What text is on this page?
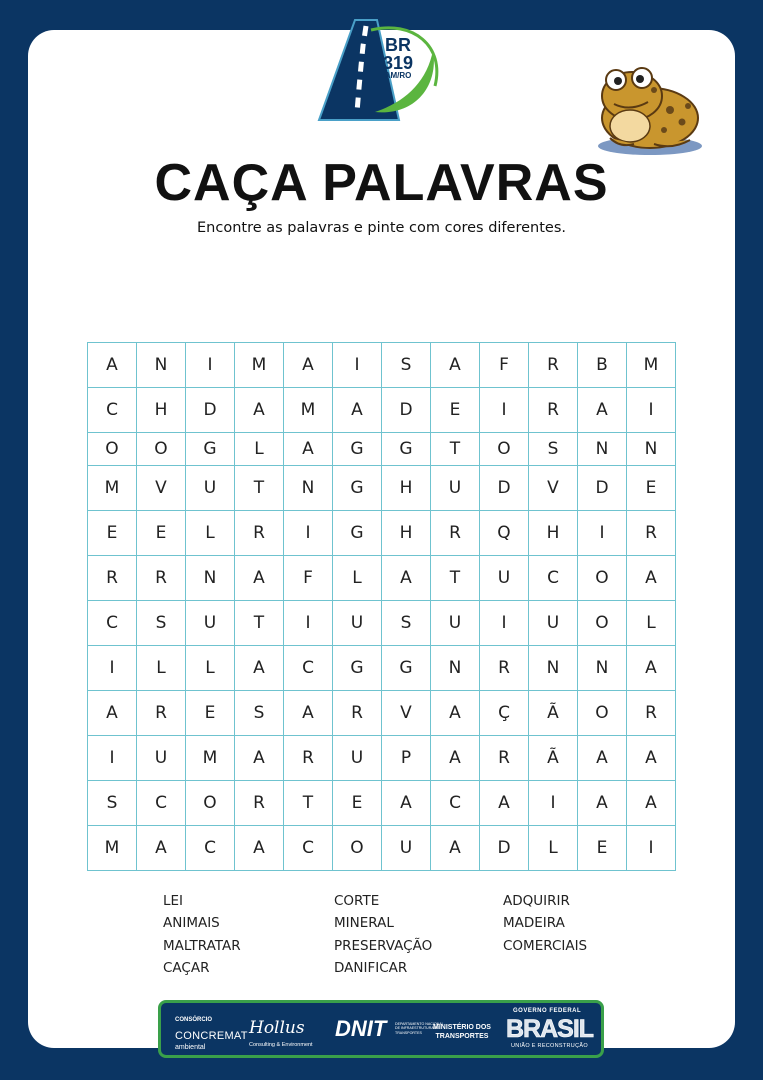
BR
319
AM/RO
CAÇA PALAVRAS
Encontre as palavras e pinte com cores diferentes.
A	N	I	M	A	I	S	A	F	R	B	M
C	H	D	A	M	A	D	E	I	R	A	I
O	O	G	L	A	G	G	T	O	S	N	N
M	V	U	T	N	G	H	U	D	V	D	E
E	E	L	R	I	G	H	R	Q	H	I	R
R	R	N	A	F	L	A	T	U	C	O	A
C	S	U	T	I	U	S	U	I	U	O	L
I	L	L	A	C	G	G	N	R	N	N	A
A	R	E	S	A	R	V	A	Ç	Ã	O	R
I	U	M	A	R	U	P	A	R	Ã	A	A
S	C	O	R	T	E	A	C	A	I	A	A
M	A	C	A	C	O	U	A	D	L	E	I
LEI
ANIMAIS
MALTRATAR
CAÇAR
CORTE
MINERAL
PRESERVAÇÃO
DANIFICAR
ADQUIRIR
MADEIRA
COMERCIAIS
CONSÓRCIO
CONCREMAT
ambiental
Hollus
Consulting & Environment
DNIT DEPARTAMENTO NACIONAL DE INFRAESTRUTURA DE TRANSPORTES
MINISTÉRIO DOS
TRANSPORTES
GOVERNO FEDERAL
BRASIL
UNIÃO E RECONSTRUÇÃO
